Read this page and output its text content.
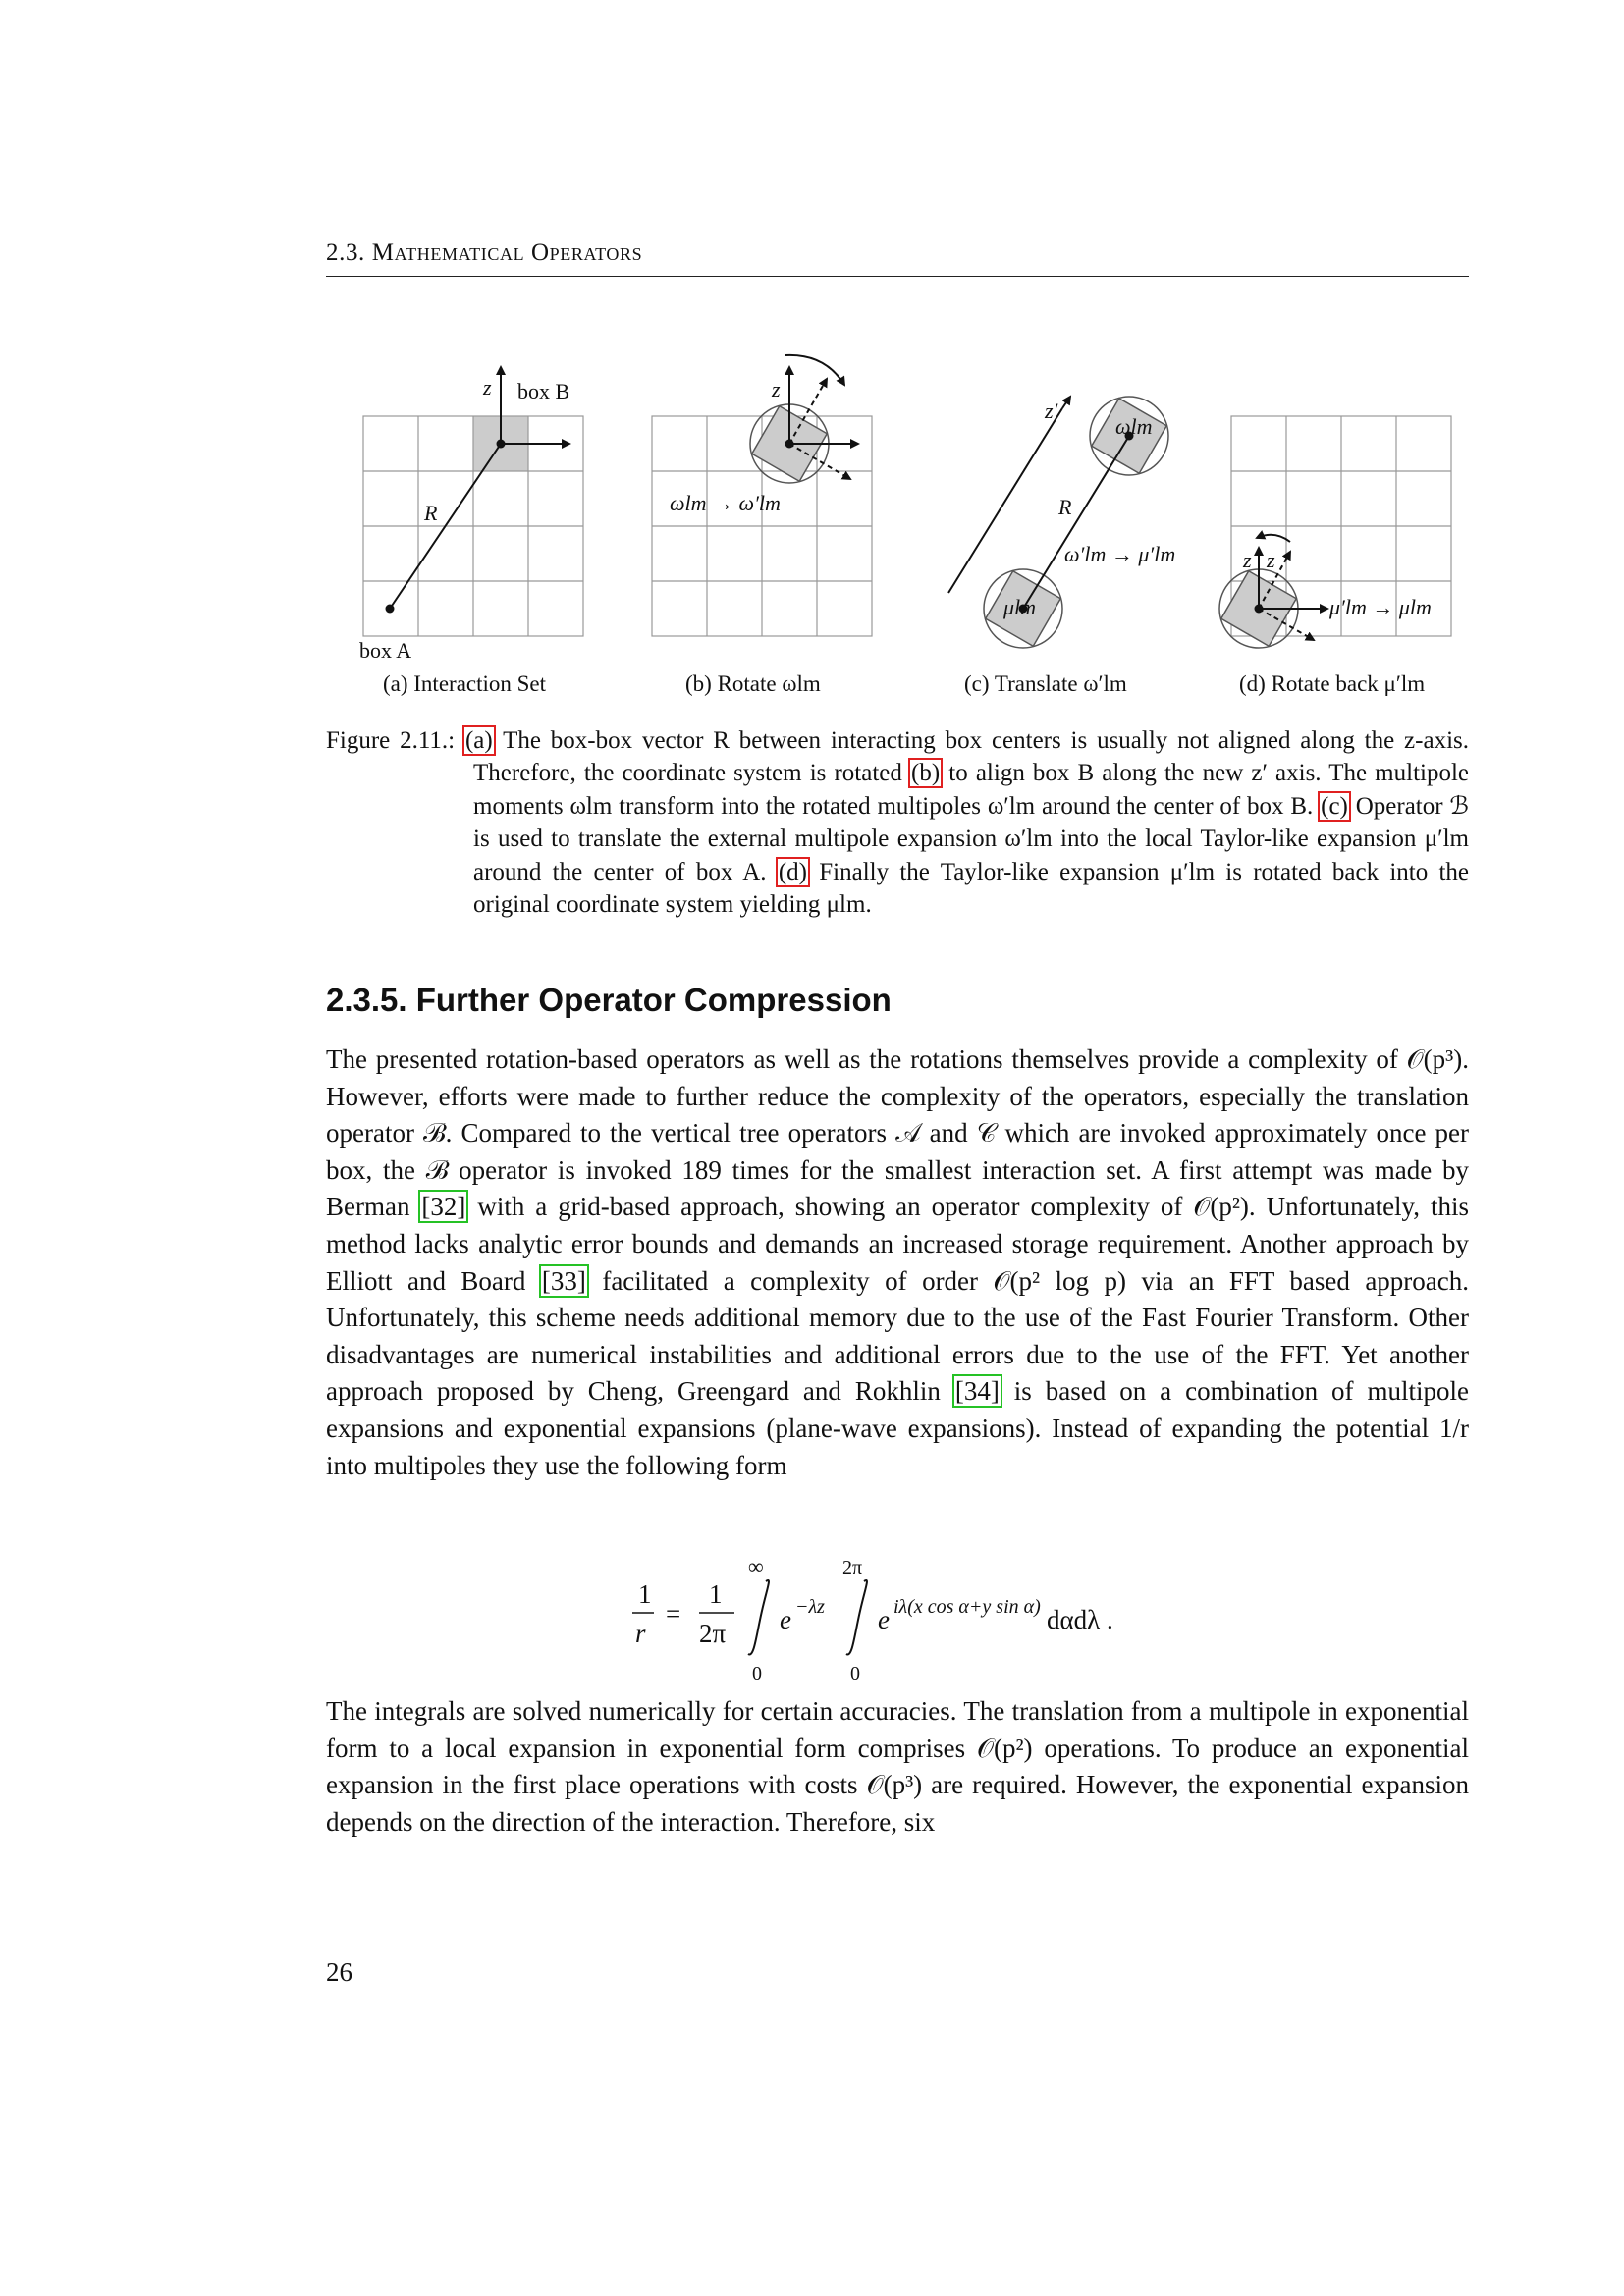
2.3. Mathematical Operators
z box B
R
box A
(a) Interaction Set
z
ωlm → ω′lm
(b) Rotate ωlm
z′
ωlm
R
ω′lm → μ′lm
μlm
(c) Translate ω′lm
z z
μ′lm → μlm
(d) Rotate back μ′lm
Figure 2.11.: (a) The box-box vector R between interacting box centers is usually not aligned along the z-axis. Therefore, the coordinate system is rotated (b) to align box B along the new z′ axis. The multipole moments ωlm transform into the rotated multipoles ω′lm around the center of box B. (c) Operator ℬ is used to translate the external multipole expansion ω′lm into the local Taylor-like expansion μ′lm around the center of box A. (d) Finally the Taylor-like expansion μ′lm is rotated back into the original coordinate system yielding μlm.
2.3.5. Further Operator Compression
The presented rotation-based operators as well as the rotations themselves provide a complexity of 𝒪(p³). However, efforts were made to further reduce the complexity of the operators, especially the translation operator ℬ. Compared to the vertical tree operators 𝒜 and 𝒞 which are invoked approximately once per box, the ℬ operator is invoked 189 times for the smallest interaction set. A first attempt was made by Berman [32] with a grid-based approach, showing an operator complexity of 𝒪(p²). Unfortunately, this method lacks analytic error bounds and demands an increased storage requirement. Another approach by Elliott and Board [33] facilitated a complexity of order 𝒪(p² log p) via an FFT based approach. Unfortunately, this scheme needs additional memory due to the use of the Fast Fourier Transform. Other disadvantages are numerical instabilities and additional errors due to the use of the FFT. Yet another approach proposed by Cheng, Greengard and Rokhlin [34] is based on a combination of multipole expansions and exponential expansions (plane-wave expansions). Instead of expanding the potential 1/r into multipoles they use the following form
1
r
=
1
2π
∞
0
e −λz
2π
0
e iλ(x cos α+y sin α) dαdλ .
The integrals are solved numerically for certain accuracies. The translation from a multipole in exponential form to a local expansion in exponential form comprises 𝒪(p²) operations. To produce an exponential expansion in the first place operations with costs 𝒪(p³) are required. However, the exponential expansion depends on the direction of the interaction. Therefore, six
26
